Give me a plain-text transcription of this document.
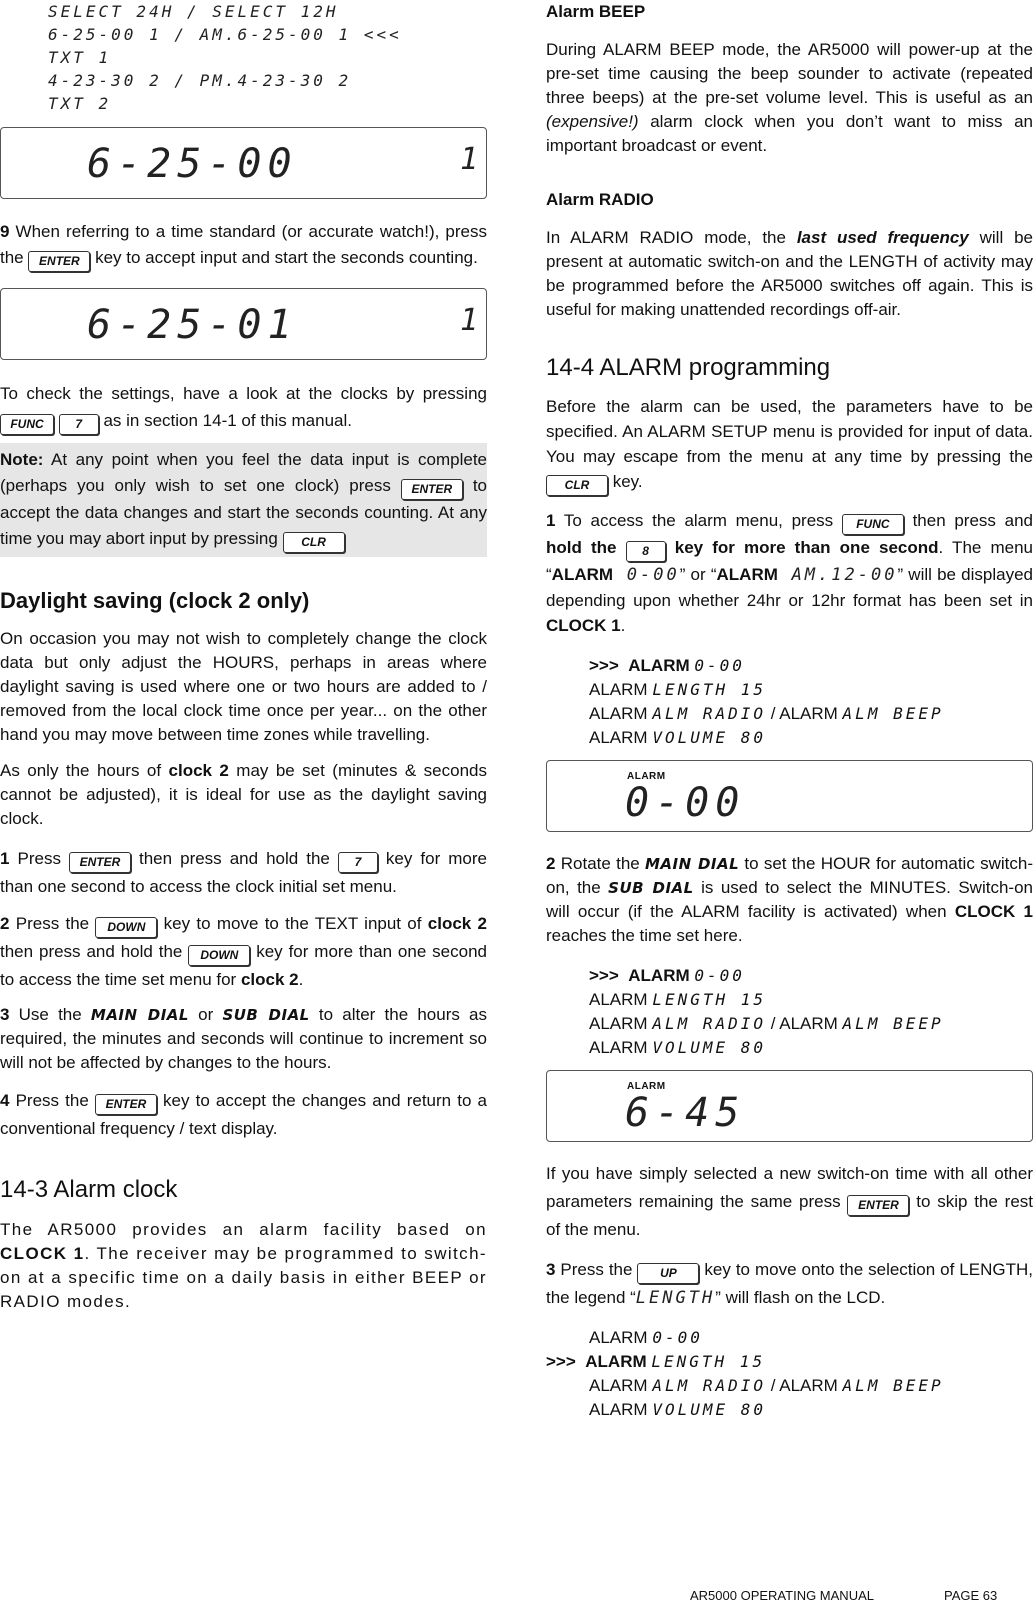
SELECT 24H / SELECT 12H
6-25-00 1 / AM.6-25-00 1 <<<
TXT 1
4-23-30 2 / PM.4-23-30 2
TXT 2
6-25-00	1

9 When referring to a time standard (or accurate watch!), press the ENTER key to accept input and start the seconds counting.

6-25-01	1

To check the settings, have a look at the clocks by pressing FUNC	7 as in section 14-1 of this manual.

Note: At any point when you feel the data input is complete (perhaps you only wish to set one clock) press ENTER to accept the data changes and start the seconds counting. At any time you may abort input by pressing CLR

Daylight saving (clock 2 only)

On occasion you may not wish to completely change the clock data but only adjust the HOURS, perhaps in areas where daylight saving is used where one or two hours are added to / removed from the local clock time once per year... on the other hand you may move between time zones while travelling.

As only the hours of clock 2 may be set (minutes & seconds cannot be adjusted), it is ideal for use as the daylight saving clock.

1 Press ENTER then press and hold the 7 key for more than one second to access the clock initial set menu.

2 Press the DOWN key to move to the TEXT input of clock 2 then press and hold the DOWN key for more than one second to access the time set menu for clock 2.

3 Use the MAIN DIAL or SUB DIAL to alter the hours as required, the minutes and seconds will continue to increment so will not be affected by changes to the hours.

4 Press the ENTER key to accept the changes and return to a conventional frequency / text display.

14-3 Alarm clock

The AR5000 provides an alarm facility based on CLOCK 1. The receiver may be programmed to switch-on at a specific time on a daily basis in either BEEP or RADIO modes.

Alarm BEEP

During ALARM BEEP mode, the AR5000 will power-up at the pre-set time causing the beep sounder to activate (repeated three beeps) at the pre-set volume level. This is useful as an (expensive!) alarm clock when you don’t want to miss an important broadcast or event.

Alarm RADIO

In ALARM RADIO mode, the last used frequency will be present at automatic switch-on and the LENGTH of activity may be programmed before the AR5000 switches off again. This is useful for making unattended recordings off-air.

14-4 ALARM programming

Before the alarm can be used, the parameters have to be specified. An ALARM SETUP menu is provided for input of data. You may escape from the menu at any time by pressing the CLR key.

1 To access the alarm menu, press FUNC then press and hold the 8 key for more than one second. The menu “ALARM 0-00” or “ALARM AM.12-00” will be displayed depending upon whether 24hr or 12hr format has been set in CLOCK 1.

>>> ALARM 0-00
ALARM LENGTH 15
ALARM ALM RADIO / ALARM ALM BEEP
ALARM VOLUME 80
ALARM
0-00

2 Rotate the MAIN DIAL to set the HOUR for automatic switch-on, the SUB DIAL is used to select the MINUTES. Switch-on will occur (if the ALARM facility is activated) when CLOCK 1 reaches the time set here.

>>> ALARM 0-00
ALARM LENGTH 15
ALARM ALM RADIO / ALARM ALM BEEP
ALARM VOLUME 80
ALARM
6-45

If you have simply selected a new switch-on time with all other parameters remaining the same press ENTER to skip the rest of the menu.

3 Press the UP key to move onto the selection of LENGTH, the legend “LENGTH” will flash on the LCD.

ALARM 0-00
>>> ALARM LENGTH 15
ALARM ALM RADIO / ALARM ALM BEEP
ALARM VOLUME 80
AR5000 OPERATING MANUAL	PAGE 63
